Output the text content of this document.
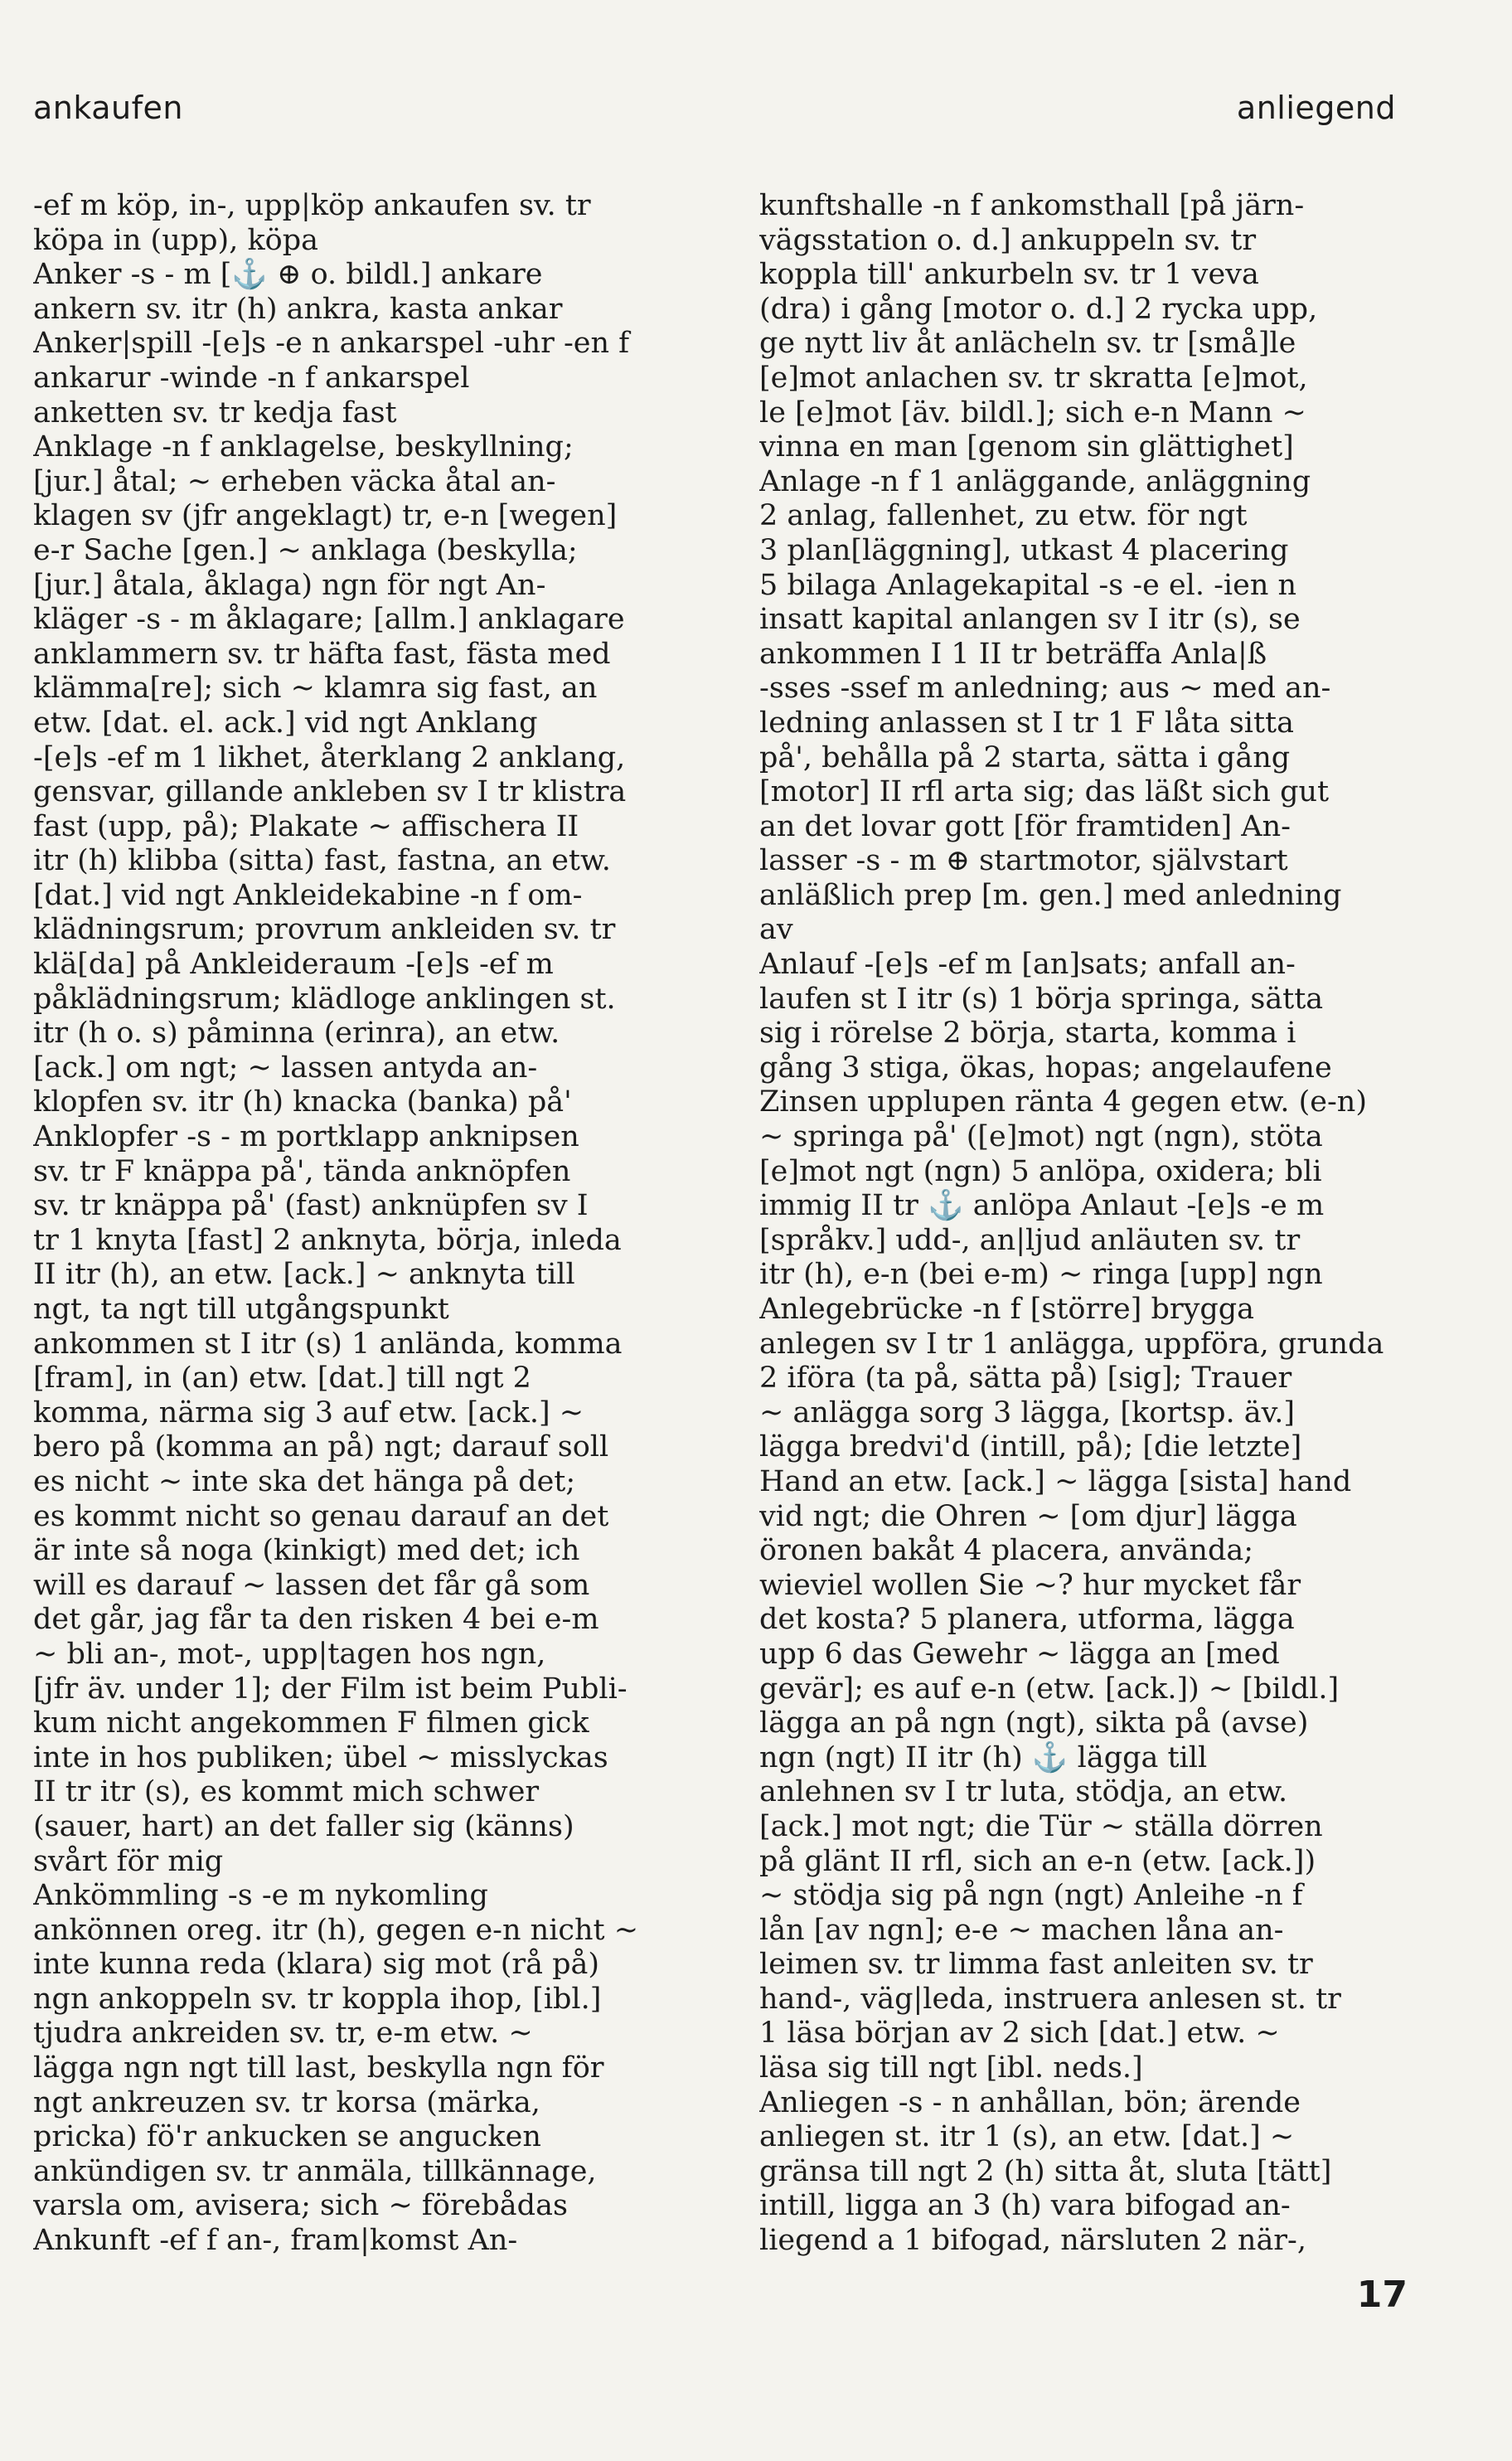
ankaufen	anliegend
-ef m köp, in-, upp|köp ankaufen sv. tr
köpa in (upp), köpa
Anker -s - m [⚓ ⊕ o. bildl.] ankare
ankern sv. itr (h) ankra, kasta ankar
Anker|spill -[e]s -e n ankarspel -uhr -en f
ankarur -winde -n f ankarspel
anketten sv. tr kedja fast
Anklage -n f anklagelse, beskyllning;
[jur.] åtal; ~ erheben väcka åtal an-
klagen sv (jfr angeklagt) tr, e-n [wegen]
e-r Sache [gen.] ~ anklaga (beskylla;
[jur.] åtala, åklaga) ngn för ngt An-
kläger -s - m åklagare; [allm.] anklagare
anklammern sv. tr häfta fast, fästa med
klämma[re]; sich ~ klamra sig fast, an
etw. [dat. el. ack.] vid ngt Anklang
-[e]s -ef m 1 likhet, återklang 2 anklang,
gensvar, gillande ankleben sv I tr klistra
fast (upp, på); Plakate ~ affischera II
itr (h) klibba (sitta) fast, fastna, an etw.
[dat.] vid ngt Ankleidekabine -n f om-
klädningsrum; provrum ankleiden sv. tr
klä[da] på Ankleideraum -[e]s -ef m
påklädningsrum; klädloge anklingen st.
itr (h o. s) påminna (erinra), an etw.
[ack.] om ngt; ~ lassen antyda an-
klopfen sv. itr (h) knacka (banka) på'
Anklopfer -s - m portklapp anknipsen
sv. tr F knäppa på', tända anknöpfen
sv. tr knäppa på' (fast) anknüpfen sv I
tr 1 knyta [fast] 2 anknyta, börja, inleda
II itr (h), an etw. [ack.] ~ anknyta till
ngt, ta ngt till utgångspunkt
ankommen st I itr (s) 1 anlända, komma
[fram], in (an) etw. [dat.] till ngt 2
komma, närma sig 3 auf etw. [ack.] ~
bero på (komma an på) ngt; darauf soll
es nicht ~ inte ska det hänga på det;
es kommt nicht so genau darauf an det
är inte så noga (kinkigt) med det; ich
will es darauf ~ lassen det får gå som
det går, jag får ta den risken 4 bei e-m
~ bli an-, mot-, upp|tagen hos ngn,
[jfr äv. under 1]; der Film ist beim Publi-
kum nicht angekommen F filmen gick
inte in hos publiken; übel ~ misslyckas
II tr itr (s), es kommt mich schwer
(sauer, hart) an det faller sig (känns)
svårt för mig
Ankömmling -s -e m nykomling
ankönnen oreg. itr (h), gegen e-n nicht ~
inte kunna reda (klara) sig mot (rå på)
ngn ankoppeln sv. tr koppla ihop, [ibl.]
tjudra ankreiden sv. tr, e-m etw. ~
lägga ngn ngt till last, beskylla ngn för
ngt ankreuzen sv. tr korsa (märka,
pricka) fö'r ankucken se angucken
ankündigen sv. tr anmäla, tillkännage,
varsla om, avisera; sich ~ förebådas
Ankunft -ef f an-, fram|komst An-
kunftshalle -n f ankomsthall [på järn-
vägsstation o. d.] ankuppeln sv. tr
koppla till' ankurbeln sv. tr 1 veva
(dra) i gång [motor o. d.] 2 rycka upp,
ge nytt liv åt anlächeln sv. tr [små]le
[e]mot anlachen sv. tr skratta [e]mot,
le [e]mot [äv. bildl.]; sich e-n Mann ~
vinna en man [genom sin glättighet]
Anlage -n f 1 anläggande, anläggning
2 anlag, fallenhet, zu etw. för ngt
3 plan[läggning], utkast 4 placering
5 bilaga Anlagekapital -s -e el. -ien n
insatt kapital anlangen sv I itr (s), se
ankommen I 1 II tr beträffa Anla|ß
-sses -ssef m anledning; aus ~ med an-
ledning anlassen st I tr 1 F låta sitta
på', behålla på 2 starta, sätta i gång
[motor] II rfl arta sig; das läßt sich gut
an det lovar gott [för framtiden] An-
lasser -s - m ⊕ startmotor, självstart
anläßlich prep [m. gen.] med anledning
av
Anlauf -[e]s -ef m [an]sats; anfall an-
laufen st I itr (s) 1 börja springa, sätta
sig i rörelse 2 börja, starta, komma i
gång 3 stiga, ökas, hopas; angelaufene
Zinsen upplupen ränta 4 gegen etw. (e-n)
~ springa på' ([e]mot) ngt (ngn), stöta
[e]mot ngt (ngn) 5 anlöpa, oxidera; bli
immig II tr ⚓ anlöpa Anlaut -[e]s -e m
[språkv.] udd-, an|ljud anläuten sv. tr
itr (h), e-n (bei e-m) ~ ringa [upp] ngn
Anlegebrücke -n f [större] brygga
anlegen sv I tr 1 anlägga, uppföra, grunda
2 iföra (ta på, sätta på) [sig]; Trauer
~ anlägga sorg 3 lägga, [kortsp. äv.]
lägga bredvi'd (intill, på); [die letzte]
Hand an etw. [ack.] ~ lägga [sista] hand
vid ngt; die Ohren ~ [om djur] lägga
öronen bakåt 4 placera, använda;
wieviel wollen Sie ~? hur mycket får
det kosta? 5 planera, utforma, lägga
upp 6 das Gewehr ~ lägga an [med
gevär]; es auf e-n (etw. [ack.]) ~ [bildl.]
lägga an på ngn (ngt), sikta på (avse)
ngn (ngt) II itr (h) ⚓ lägga till
anlehnen sv I tr luta, stödja, an etw.
[ack.] mot ngt; die Tür ~ ställa dörren
på glänt II rfl, sich an e-n (etw. [ack.])
~ stödja sig på ngn (ngt) Anleihe -n f
lån [av ngn]; e-e ~ machen låna an-
leimen sv. tr limma fast anleiten sv. tr
hand-, väg|leda, instruera anlesen st. tr
1 läsa början av 2 sich [dat.] etw. ~
läsa sig till ngt [ibl. neds.]
Anliegen -s - n anhållan, bön; ärende
anliegen st. itr 1 (s), an etw. [dat.] ~
gränsa till ngt 2 (h) sitta åt, sluta [tätt]
intill, ligga an 3 (h) vara bifogad an-
liegend a 1 bifogad, närsluten 2 när-,
17
